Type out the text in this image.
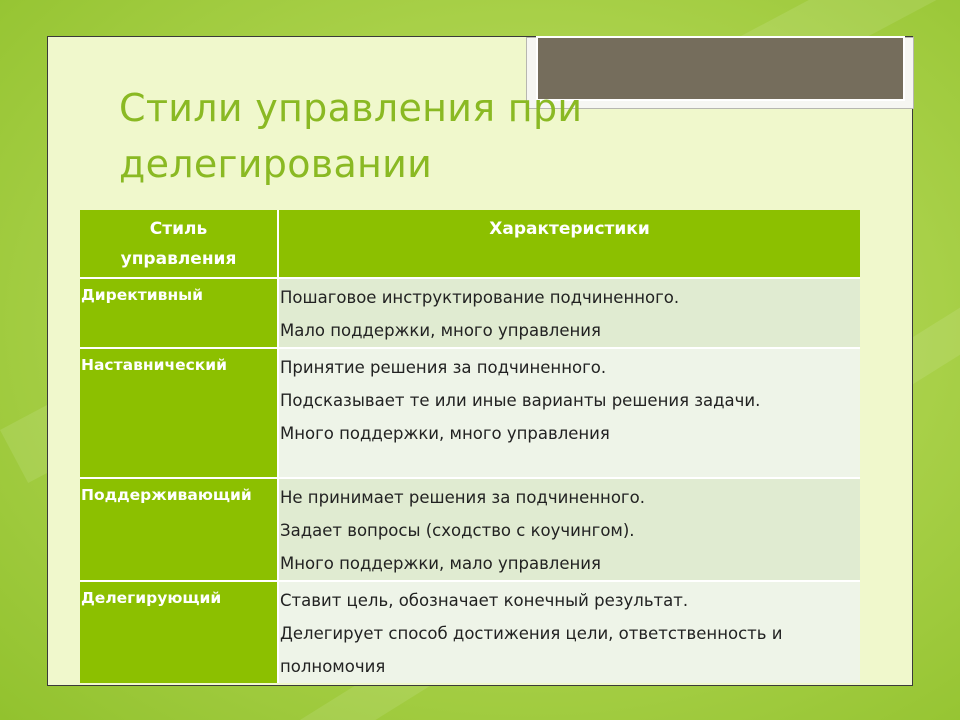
Стили управления при
делегировании
Стиль
управления	Характеристики
Директивный	Пошаговое инструктирование подчиненного.
Мало поддержки, много управления

Наставнический	Принятие решения за подчиненного.
Подсказывает те или иные варианты решения задачи.
Много поддержки, много управления

Поддерживающий	Не принимает решения за подчиненного.
Задает вопросы (сходство с коучингом).
Много поддержки, мало управления

Делегирующий	Ставит цель, обозначает конечный результат.
Делегирует способ достижения цели, ответственность и
полномочия
